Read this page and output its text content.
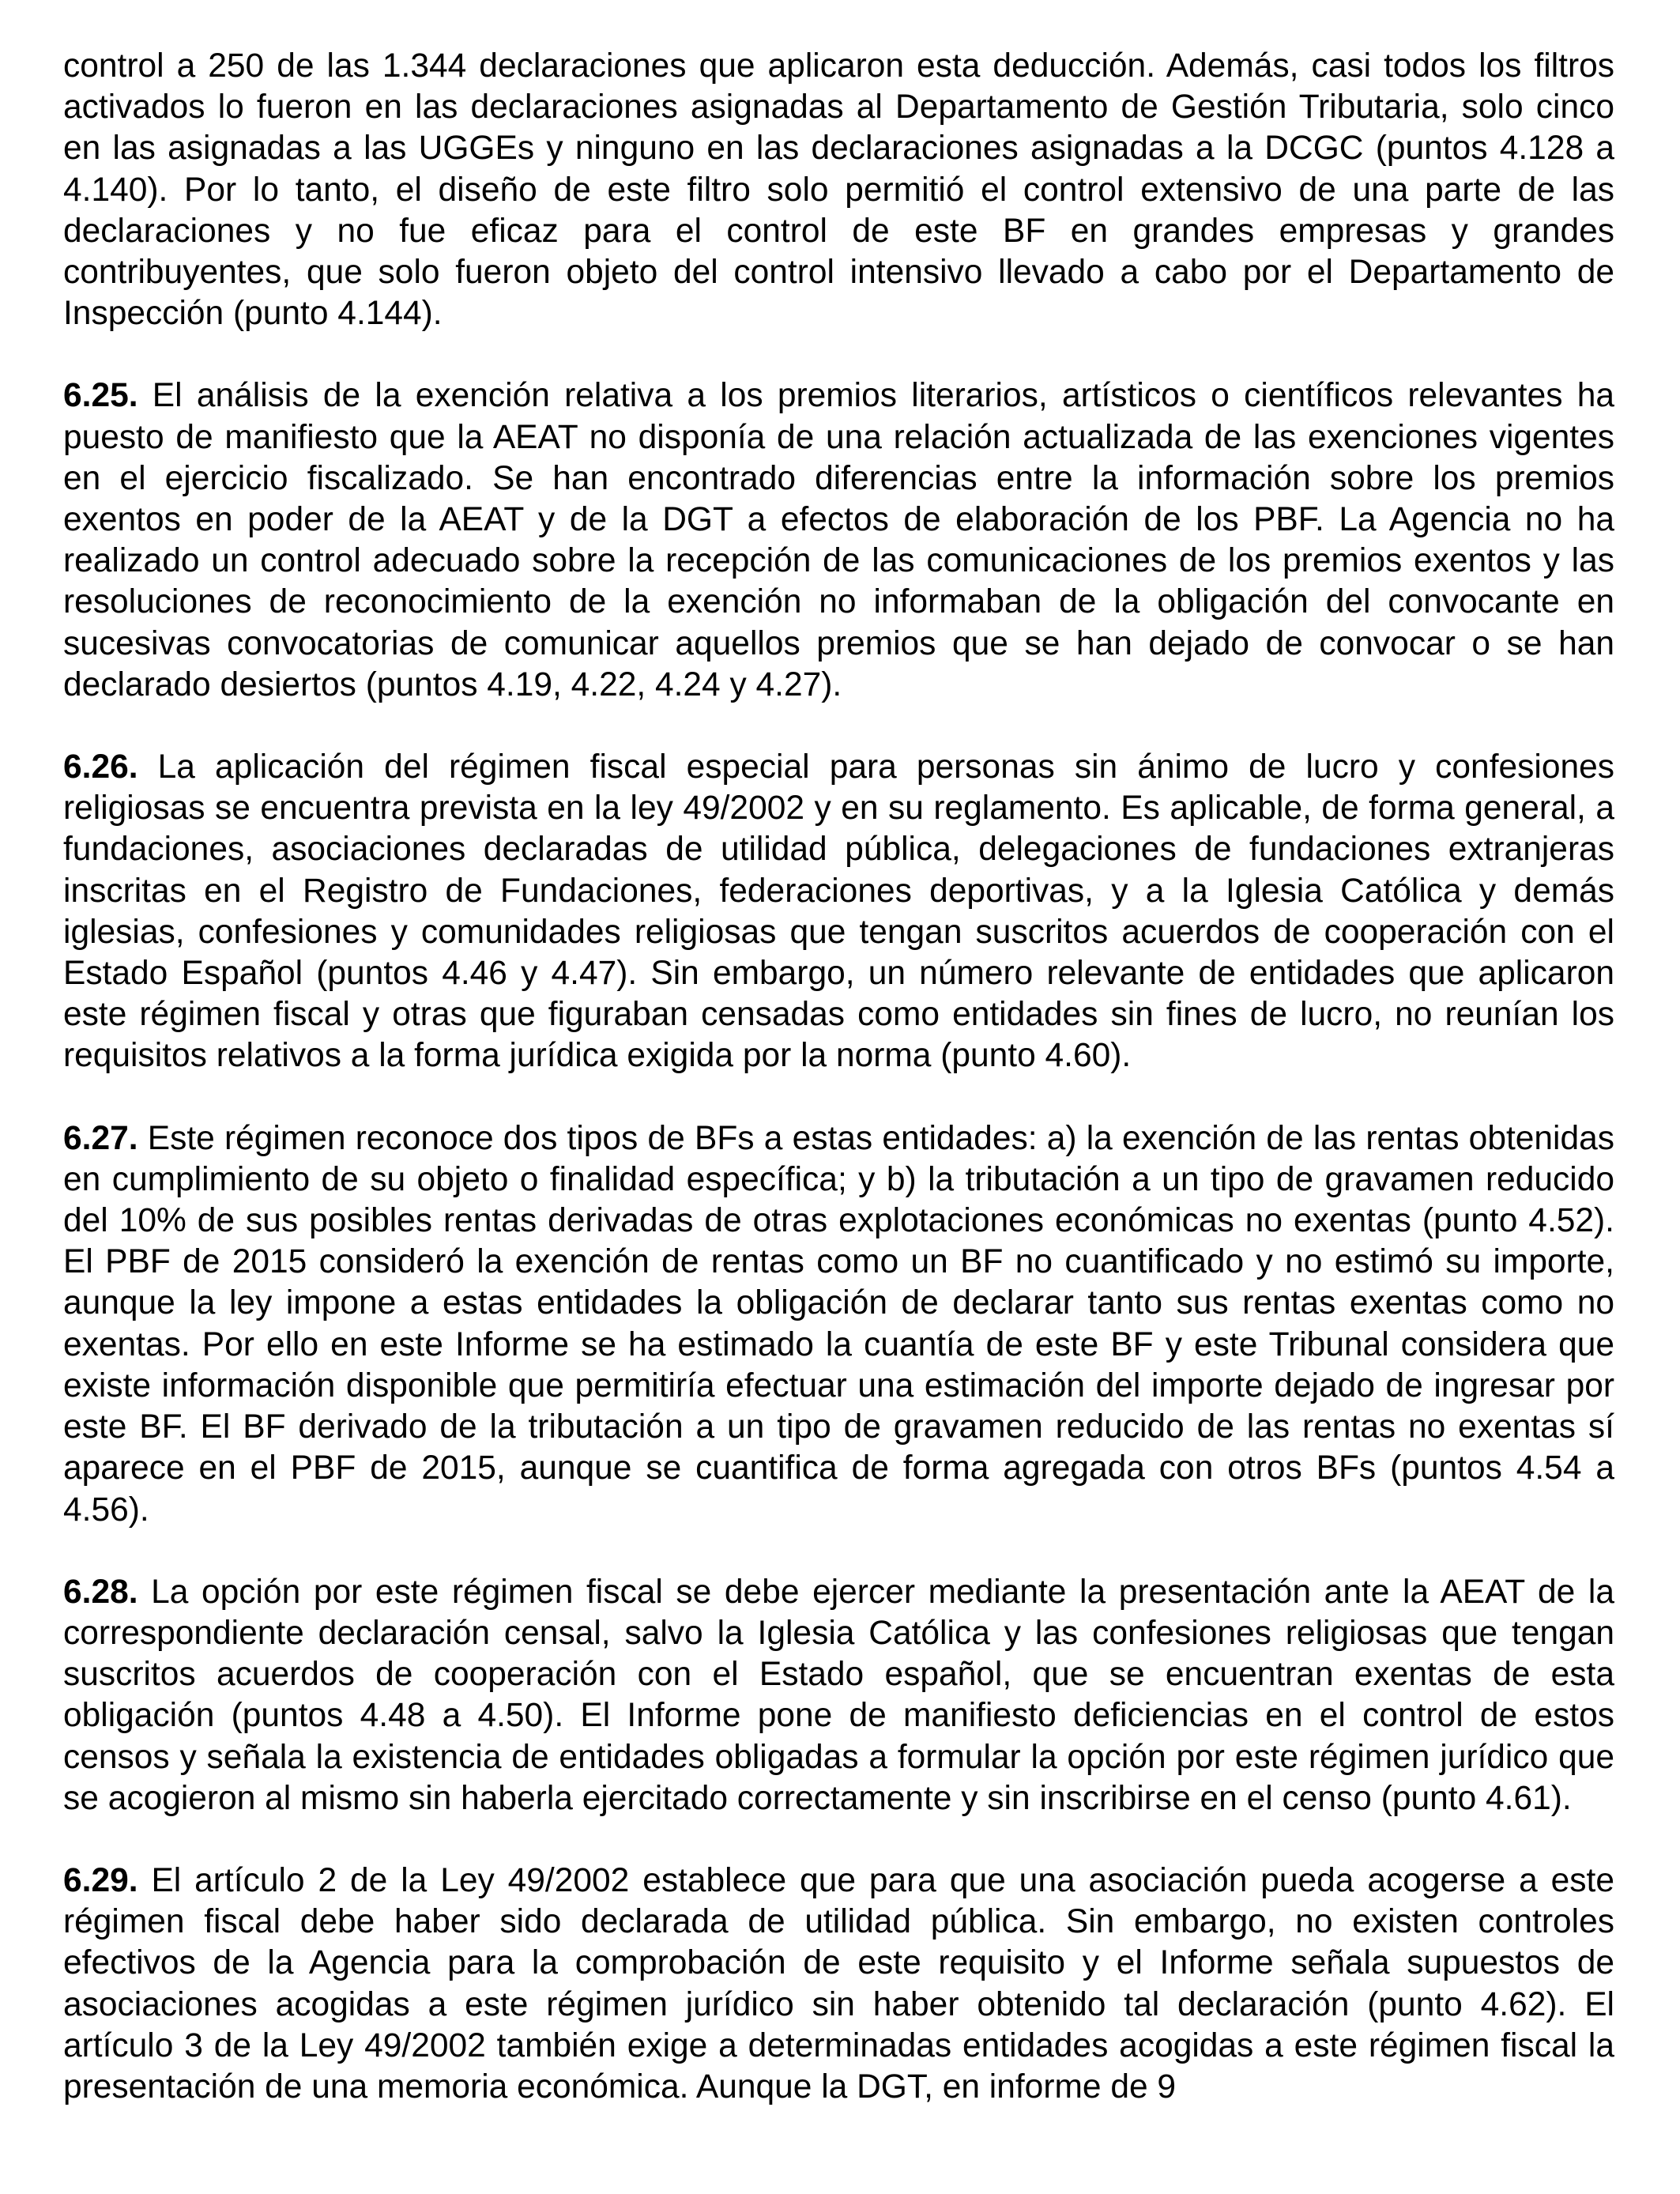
control a 250 de las 1.344 declaraciones que aplicaron esta deducción. Además, casi todos los filtros activados lo fueron en las declaraciones asignadas al Departamento de Gestión Tributaria, solo cinco en las asignadas a las UGGEs y ninguno en las declaraciones asignadas a la DCGC (puntos 4.128 a 4.140). Por lo tanto, el diseño de este filtro solo permitió el control extensivo de una parte de las declaraciones y no fue eficaz para el control de este BF en grandes empresas y grandes contribuyentes, que solo fueron objeto del control intensivo llevado a cabo por el Departamento de Inspección (punto 4.144).

6.25. El análisis de la exención relativa a los premios literarios, artísticos o científicos relevantes ha puesto de manifiesto que la AEAT no disponía de una relación actualizada de las exenciones vigentes en el ejercicio fiscalizado. Se han encontrado diferencias entre la información sobre los premios exentos en poder de la AEAT y de la DGT a efectos de elaboración de los PBF. La Agencia no ha realizado un control adecuado sobre la recepción de las comunicaciones de los premios exentos y las resoluciones de reconocimiento de la exención no informaban de la obligación del convocante en sucesivas convocatorias de comunicar aquellos premios que se han dejado de convocar o se han declarado desiertos (puntos 4.19, 4.22, 4.24 y 4.27).

6.26. La aplicación del régimen fiscal especial para personas sin ánimo de lucro y confesiones religiosas se encuentra prevista en la ley 49/2002 y en su reglamento. Es aplicable, de forma general, a fundaciones, asociaciones declaradas de utilidad pública, delegaciones de fundaciones extranjeras inscritas en el Registro de Fundaciones, federaciones deportivas, y a la Iglesia Católica y demás iglesias, confesiones y comunidades religiosas que tengan suscritos acuerdos de cooperación con el Estado Español (puntos 4.46 y 4.47). Sin embargo, un número relevante de entidades que aplicaron este régimen fiscal y otras que figuraban censadas como entidades sin fines de lucro, no reunían los requisitos relativos a la forma jurídica exigida por la norma (punto 4.60).

6.27. Este régimen reconoce dos tipos de BFs a estas entidades: a) la exención de las rentas obtenidas en cumplimiento de su objeto o finalidad específica; y b) la tributación a un tipo de gravamen reducido del 10% de sus posibles rentas derivadas de otras explotaciones económicas no exentas (punto 4.52). El PBF de 2015 consideró la exención de rentas como un BF no cuantificado y no estimó su importe, aunque la ley impone a estas entidades la obligación de declarar tanto sus rentas exentas como no exentas. Por ello en este Informe se ha estimado la cuantía de este BF y este Tribunal considera que existe información disponible que permitiría efectuar una estimación del importe dejado de ingresar por este BF. El BF derivado de la tributación a un tipo de gravamen reducido de las rentas no exentas sí aparece en el PBF de 2015, aunque se cuantifica de forma agregada con otros BFs (puntos 4.54 a 4.56).

6.28. La opción por este régimen fiscal se debe ejercer mediante la presentación ante la AEAT de la correspondiente declaración censal, salvo la Iglesia Católica y las confesiones religiosas que tengan suscritos acuerdos de cooperación con el Estado español, que se encuentran exentas de esta obligación (puntos 4.48 a 4.50). El Informe pone de manifiesto deficiencias en el control de estos censos y señala la existencia de entidades obligadas a formular la opción por este régimen jurídico que se acogieron al mismo sin haberla ejercitado correctamente y sin inscribirse en el censo (punto 4.61).

6.29. El artículo 2 de la Ley 49/2002 establece que para que una asociación pueda acogerse a este régimen fiscal debe haber sido declarada de utilidad pública. Sin embargo, no existen controles efectivos de la Agencia para la comprobación de este requisito y el Informe señala supuestos de asociaciones acogidas a este régimen jurídico sin haber obtenido tal declaración (punto 4.62). El artículo 3 de la Ley 49/2002 también exige a determinadas entidades acogidas a este régimen fiscal la presentación de una memoria económica. Aunque la DGT, en informe de 9
